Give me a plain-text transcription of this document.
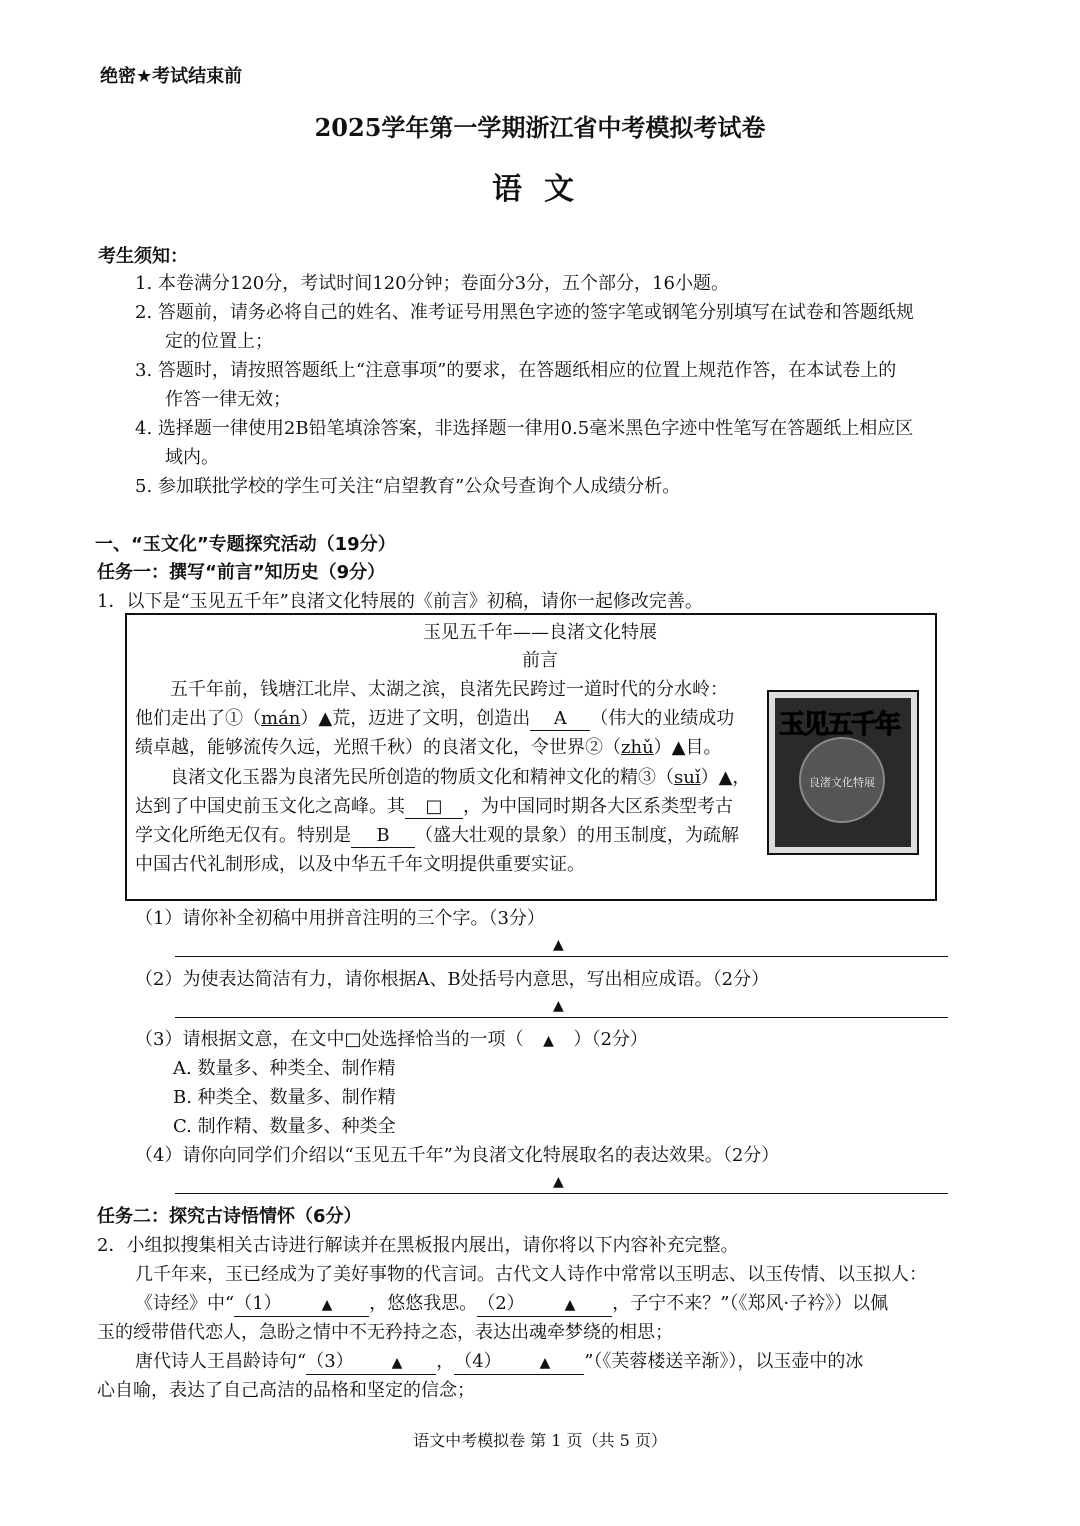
绝密★考试结束前
2025学年第一学期浙江省中考模拟考试卷
语文
考生须知：
1. 本卷满分120分，考试时间120分钟；卷面分3分，五个部分，16小题。
2. 答题前，请务必将自己的姓名、准考证号用黑色字迹的签字笔或钢笔分别填写在试卷和答题纸规
定的位置上；
3. 答题时，请按照答题纸上“注意事项”的要求，在答题纸相应的位置上规范作答，在本试卷上的
作答一律无效；
4. 选择题一律使用2B铅笔填涂答案，非选择题一律用0.5毫米黑色字迹中性笔写在答题纸上相应区
域内。
5. 参加联批学校的学生可关注“启望教育”公众号查询个人成绩分析。
一、“玉文化”专题探究活动（19分）
任务一：撰写“前言”知历史（9分）
1．以下是“玉见五千年”良渚文化特展的《前言》初稿，请你一起修改完善。
玉见五千年——良渚文化特展
前言
五千年前，钱塘江北岸、太湖之滨，良渚先民跨过一道时代的分水岭：
他们走出了①（mán）▲荒，迈进了文明，创造出 A （伟大的业绩成功
绩卓越，能够流传久远，光照千秋）的良渚文化，令世界②（zhǔ）▲目。
良渚文化玉器为良渚先民所创造的物质文化和精神文化的精③（suǐ）▲，
达到了中国史前玉文化之高峰。其 □ ，为中国同时期各大区系类型考古
学文化所绝无仅有。特别是 B （盛大壮观的景象）的用玉制度，为疏解
中国古代礼制形成，以及中华五千年文明提供重要实证。
玉见五千年
良渚文化特展
（1）请你补全初稿中用拼音注明的三个字。（3分）
▲
（2）为使表达简洁有力，请你根据A、B处括号内意思，写出相应成语。（2分）
▲
（3）请根据文意，在文中□处选择恰当的一项（ ▲ ）（2分）
A. 数量多、种类全、制作精
B. 种类全、数量多、制作精
C. 制作精、数量多、种类全
（4）请你向同学们介绍以“玉见五千年”为良渚文化特展取名的表达效果。（2分）
▲
任务二：探究古诗悟情怀（6分）
2．小组拟搜集相关古诗进行解读并在黑板报内展出，请你将以下内容补充完整。
几千年来，玉已经成为了美好事物的代言词。古代文人诗作中常常以玉明志、以玉传情、以玉拟人：
《诗经》中“（1）	▲ ，悠悠我思。（2）	▲ ，子宁不来？”（《郑风·子衿》）以佩
玉的绶带借代恋人，急盼之情中不无矜持之态，表达出魂牵梦绕的相思；
唐代诗人王昌龄诗句“（3）	▲ ，（4）	▲ ”（《芙蓉楼送辛渐》），以玉壶中的冰
心自喻，表达了自己高洁的品格和坚定的信念；
语文中考模拟卷 第 1 页（共 5 页）
